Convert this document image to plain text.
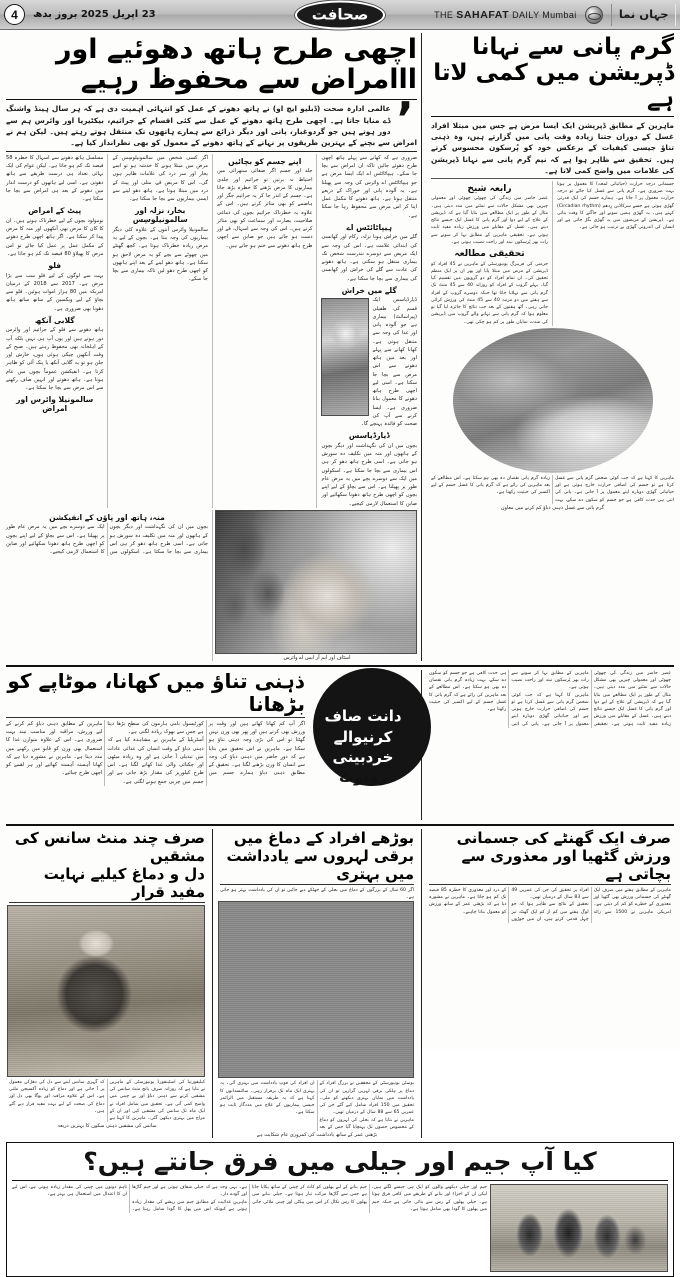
جہاں نما
THE SAHAFAT DAILY Mumbai
صحافت
23 اپریل 2025 بروز بدھ
4
گرم پانی سے نہانا ڈپریشن میں کمی لاتا ہے
ماہرین کے مطابق ڈپریشن ایک ایسا مرض ہے جس میں مبتلا افراد غسل کے دوران جتنا زیادہ وقت پانی میں گزارتے ہیں، وہ ذہنی تناؤ جیسی کیفیات کے برعکس خود کو پُرسکون محسوس کرتے ہیں۔ تحقیق سے ظاہر ہوا ہے کہ نیم گرم پانی سے نہانا ڈپریشن کی علامات میں واضح کمی لاتا ہے۔
جسمانی درجہ حرارت (حیاتیاتی لمحہ) کا معمول پر ہونا بہت ضروری ہے۔ گرم پانی سے غسل کیا جائے تو درجہ حرارت معمول پر آ جاتا ہے۔ ہمارے جسم کی ایک قدرتی گھڑی ہوتی ہے جسے سرکاڈین رِدھم (Circadian rhythm) کہتے ہیں۔ یہ گھڑی ہمیں سونے اور جاگنے کا وقت بتاتی ہے۔ ڈپریشن کے مریضوں میں یہ گھڑی بگڑ جاتی ہے اور انسان کی اندرونی گھڑی بے ترتیب ہو جاتی ہے۔
رابعہ شیخ
عصر حاضر میں زندگی کی چھوٹی چھوٹی اور معمولی چیزیں بھی مشکل حالات سے نمٹنے میں مدد دیتی ہیں۔ مثال کے طور پر ایک مطالعے میں بتایا گیا ہے کہ ڈپریشن کے علاج کے لیے دوا اور گرم پانی کا غسل ایک جیسے نتائج دیتے ہیں۔ غسل کے مقابلے میں ورزش زیادہ مفید ثابت ہوتی ہے۔ تحقیقی ماہرین کے مطابق نہا کر سونے سے رات بھر پُرسکون نیند اور راحت نصیب ہوتی ہے۔
تحقیقی مطالعہ
جرمنی کی فریبرگ یونیورسٹی کے ماہرین نے 45 افراد کو ڈپریشن کے مرض میں مبتلا پایا اور پھر ان پر ایک منظم تحقیق کی۔ ان تمام افراد کو دو گروپوں میں تقسیم کیا گیا۔ پہلے گروپ کے افراد کو روزانہ 40 سے 45 منٹ تک گرم پانی سے نہلایا جاتا تھا جبکہ دوسرے گروپ کے افراد سے ہفتے میں دو مرتبہ 40 سے 45 منٹ کی ورزش کرائی جاتی رہی۔ آٹھ ہفتوں کے بعد جب نتائج کا جائزہ لیا گیا تو معلوم ہوا کہ گرم پانی سے نہانے والے گروپ میں ڈپریشن کی شدت نمایاں طور پر کم ہو چکی تھی۔
ماہرین کا کہنا ہے کہ جب کوئی شخص گرم پانی سے غسل کرتا ہے تو جسم کی اضافی حرارت خارج ہوتی ہے اور حیاتیاتی گھڑی دوبارہ اپنے معمول پر آ جاتی ہے۔ پانی کی اتنی ہی حدت کافی ہے جو جسم کو سکون دے سکے، بہت زیادہ گرم پانی نقصان دہ بھی ہو سکتا ہے۔ اس مطالعے کے بعد ماہرین کی رائے ہے کہ گرم پانی کا غسل جسم کے لیے اکسیر کی حیثیت رکھتا ہے۔
گرم پانی سے غسل ذہنی دباؤ کم کرنے میں معاون
اچھی طرح ہاتھ دھوئیے اور ااامراض سے محفوظ رہیے
’
عالمی ادارہ صحت (ڈبلیو ایچ او) نے ہاتھ دھونے کے عمل کو انتہائی اہمیت دی ہے کہ ہر سال ہینڈ واشنگ ڈے منایا جاتا ہے۔ اچھی طرح ہاتھ دھونے کے عمل سے کئی اقسام کے جراثیم، بیکٹیریا اور وائرس ہم سے دور ہوتے ہیں جو گردوغبار، پانی اور دیگر ذرائع سے ہمارے ہاتھوں تک منتقل ہوتے رہتے ہیں۔ لیکن ہم نے امراض سے بچنے کے بہترین طریقوں پر نہانے کے ہاتھ دھونے کے معمول کو بھی نظرانداز کیا ہے۔
ضروری ہے کہ کھانے سے پہلے ہاتھ اچھی طرح دھوئے جائیں تاکہ ان امراض سے بچا جا سکے۔ ہیپاٹائٹس اے ایک ایسا مرض ہے جو ہیپاٹائٹس اے وائرس کی وجہ سے پھیلتا ہے۔ یہ آلودہ پانی اور خوراک کے ذریعے منتقل ہوتا ہے۔ ہاتھ دھونے کا مکمل عمل اپنا کر اس مرض سے محفوظ رہا جا سکتا ہے۔
ہیپاٹائٹس اے
گلے میں خراش ہونا نزلہ، زکام اور کھانسی کی ابتدائی علامت ہے۔ اس کی وجہ سے ایک مریض سے دوسرے تندرست شخص تک بیماری منتقل ہو سکتی ہے۔ ہاتھ دھونے کی عادت سے گلے کی خراش اور کھانسی کی بیماری سے بچا جا سکتا ہے۔
گلے میں خراش
ڈیارڈیاسس ایک قسم کی طفیلی (پیراسائٹ) بیماری ہے جو آلودہ پانی اور غذا کی وجہ سے منتقل ہوتی ہے۔ کھانا کھانے سے پہلے اور بعد میں ہاتھ دھونے سے اس مرض سے بچا جا سکتا ہے۔ اسی لیے اچھی طرح ہاتھ دھونے کا معمول بنانا ضروری ہے۔ ایسا کرنے سے آپ کی صحت کو فائدہ پہنچے گا۔
ڈیارڈیاسس
بچوں میں ان کی نگہداشت اور دیگر بچوں کے ہاتھوں اور منہ میں تکلیف دہ سوزش ہو جاتی ہے۔ اسی طرح ہاتھ دھو کر ہی اس بیماری سے بچا جا سکتا ہے۔ اسکولوں میں ایک سے دوسرے بچے میں یہ مرض عام طور پر پھیلتا ہے۔ اس سے بچاؤ کے لیے اپنے بچوں کو اچھی طرح ہاتھ دھونا سکھائیے اور صابن کا استعمال لازمی کیجیے۔
اپنے جسم کو بچائیں
جلد اور جسم اگر صفائی ستھرائی میں احتیاط نہ برتیں تو جراثیم اور جلدی بیماریوں کا مرض بڑھنے کا خطرہ بڑھ جاتا ہے۔ جسم کے اندر جا کر یہ جراثیم جگر اور ہاضمے کو بھی متاثر کرتے ہیں۔ اس کے علاوہ یہ خطرناک جراثیم بچوں کی دماغی صلاحیت، بصارت اور سماعت کو بھی متاثر کرتے ہیں۔ اس کی وجہ سے اسہال، قے اور دست ہو جاتے ہیں جو صابن سے اچھی طرح ہاتھ دھونے سے ختم ہو جاتے ہیں۔
اگر کسی شخص میں سالمونیلوسِس کے مرض میں مبتلا ہونے کا خدشہ ہو تو اسے بخار اور سر درد کی علامات ظاہر ہوں گی۔ اس کا مریض قے، متلی اور پیٹ کے درد میں مبتلا ہوتا ہے۔ ہاتھ دھو لینے سے ایسی بیماریوں سے بچا جا سکتا ہے۔
بخار، نزلہ اور سالمونیلوسِس
سالمونیلا وائرس آنتوں کے علاوہ کئی دیگر بیماریوں کی وجہ بنتا ہے۔ بچوں کے لیے یہ مرض زیادہ خطرناک ہوتا ہے۔ کچھ گھنٹے میں چھوٹے سے بچے کو یہ مرض لاحق ہو سکتا ہے۔ ہاتھ دھو لینے کے بعد اپنے ہاتھوں کو اچھی طرح دھو لیں تاکہ بیماری سے بچا جا سکے۔
مسلسل ہاتھ دھونے سے اسہال کا خطرہ 58 فیصد تک کم ہو جاتا ہے۔ لیکن عوام کی ایک تہائی تعداد ہی درست طریقے سے ہاتھ دھوتی ہے۔ اسی لیے ہاتھوں کو درست انداز میں دھونے کے بعد ہی امراض سے بچا جا سکتا ہے۔
پیٹ کے امراض
نومولود بچوں کے لیے خطرناک ہوتے ہیں۔ ان کا کان کا مرض بھی آنکھوں اور منہ کا مرض پیدا کر سکتا ہے۔ اگر ہاتھ اچھی طرح دھونے کے مکمل عمل پر عمل کیا جائے تو اس مرض کا پھیلاؤ 80 فیصد تک کم ہو جاتا ہے۔
فلو
بہت سے لوگوں کے لیے فلو سب سے بڑا مرض ہے۔ 2017 سے 2018 کے درمیان امریکہ میں 80 ہزار اموات ہوئیں۔ فلو سے بچاؤ کے لیے ویکسین کے ساتھ ساتھ ہاتھ دھونا بھی ضروری ہے۔
گلابی آنکھ
ہاتھ دھونے سے فلو کے جراثیم اور وائرس دور ہوتے ہیں اور یوں آپ ہی نہیں بلکہ آپ کے اہلخانہ بھی محفوظ رہتے ہیں۔ صبح کے وقت آنکھیں چپکی ہوئی ہوں، خارش اور جلن ہو تو یہ گلابی آنکھ یا پنک آئی کو ظاہر کرتا ہے۔ انفیکشن عموماً بچوں میں عام ہوتا ہے۔ ہاتھ دھونے اور انہیں صاف رکھنے سے اس مرض سے بچا جا سکتا ہے۔
سالمونیلا وائرس اور امراض
اسٹاف اور ایم آر ایس اے وائرس
منہ، ہاتھ اور پاؤں کے انفیکشن
بچوں میں ان کی نگہداشت اور دیگر بچوں کے ہاتھوں اور منہ میں تکلیف دہ سوزش ہو جاتی ہے۔ اسی طرح ہاتھ دھو کر ہی اس بیماری سے بچا جا سکتا ہے۔ اسکولوں میں ایک سے دوسرے بچے میں یہ مرض عام طور پر پھیلتا ہے۔ اس سے بچاؤ کے لیے اپنے بچوں کو اچھی طرح ہاتھ دھونا سکھائیے اور صابن کا استعمال لازمی کیجیے۔
عصر حاضر میں زندگی کی چھوٹی چھوٹی اور معمولی چیزیں بھی مشکل حالات سے نمٹنے میں مدد دیتی ہیں۔ مثال کے طور پر ایک مطالعے میں بتایا گیا ہے کہ ڈپریشن کے علاج کے لیے دوا اور گرم پانی کا غسل ایک جیسے نتائج دیتے ہیں۔ غسل کے مقابلے میں ورزش زیادہ مفید ثابت ہوتی ہے۔ تحقیقی ماہرین کے مطابق نہا کر سونے سے رات بھر پُرسکون نیند اور راحت نصیب ہوتی ہے۔
ماہرین کا کہنا ہے کہ جب کوئی شخص گرم پانی سے غسل کرتا ہے تو جسم کی اضافی حرارت خارج ہوتی ہے اور حیاتیاتی گھڑی دوبارہ اپنے معمول پر آ جاتی ہے۔ پانی کی اتنی ہی حدت کافی ہے جو جسم کو سکون دے سکے، بہت زیادہ گرم پانی نقصان دہ بھی ہو سکتا ہے۔ اس مطالعے کے بعد ماہرین کی رائے ہے کہ گرم پانی کا غسل جسم کے لیے اکسیر کی حیثیت رکھتا ہے۔
دانت صاف
کرنیوالے
خردبینی
روبوٹ
ذہنی تناؤ میں کھانا، موٹاپے کو بڑھانا
اگر آپ کم کھانا کھاتے ہیں اور وقت پر ورزش بھی کرتے ہیں اور پھر بھی وزن نہیں گھٹتا تو اس کی بڑی وجہ ذہنی تناؤ ہو سکتا ہے۔ ماہرین نے اس تحقیق میں بتایا ہے کہ دورِ حاضر میں ذہنی دباؤ کی وجہ سے انسان کا وزن بڑھنے لگتا ہے۔ تحقیق کے مطابق ذہنی دباؤ ہمارے جسم میں کورٹیسول نامی ہارمون کی سطح بڑھا دیتا ہے جس سے بھوک زیادہ لگتی ہے۔
آسٹریلیا کے ماہرین نے مشاہدہ کیا ہے کہ ذہنی دباؤ کے وقت انسان کی غذائی عادات میں تبدیلی آ جاتی ہے اور وہ زیادہ میٹھی اور چکنائی والی غذا کھانے لگتا ہے۔ اس طرح کیلوریز کی مقدار بڑھ جاتی ہے اور جسم میں چربی جمع ہونے لگتی ہے۔
ماہرین کے مطابق ذہنی دباؤ کم کرنے کے لیے ورزش، مراقبہ اور مناسب نیند بہت ضروری ہے۔ اس کے علاوہ متوازن غذا کا استعمال بھی وزن کو قابو میں رکھنے میں مدد دیتا ہے۔ ماہرین نے مشورہ دیا ہے کہ کھانا آہستہ آہستہ کھائیے اور ہر لقمے کو اچھی طرح چبائیے۔
صرف ایک گھنٹے کی جسمانی ورزش گٹھیا اور معذوری سے بچاتی ہے
ماہرین کے مطابق ہفتے میں صرف ایک گھنٹے کی جسمانی ورزش بھی گٹھیا اور معذوری کے خطرے کو کم کر دیتی ہے۔ امریکی ماہرین نے 1500 سے زائد افراد پر تحقیق کی جن کی عمریں 49 سے 83 سال کے درمیان تھیں۔
تحقیق کے نتائج سے ظاہر ہوا کہ جو لوگ ہفتے میں کم از کم ایک گھنٹہ تیز چہل قدمی کرتے ہیں، ان میں جوڑوں کے درد اور معذوری کا خطرہ 85 فیصد تک کم ہو جاتا ہے۔ ماہرین نے مشورہ دیا ہے کہ بڑھتی عمر کے ساتھ ورزش کو معمول بنانا چاہیے۔
بوڑھے افراد کے دماغ میں برقی لہروں سے یادداشت میں بہتری
اگر 60 سال کے بزرگوں کے دماغ میں بجلی کے جھٹکے دیے جائیں تو ان کی یادداشت بہتر ہو جاتی ہے۔
بوسٹن یونیورسٹی کے محققین نے بزرگ افراد کے دماغ پر ہلکی برقی لہریں گزاریں تو ان کی یادداشت میں نمایاں بہتری دیکھنے کو ملی۔ تحقیق میں 150 افراد شامل کیے گئے جن کی عمریں 65 سے 88 سال کے درمیان تھیں۔
ماہرین نے بتایا ہے کہ بجلی کی لہروں کو دماغ کے مخصوص حصوں تک پہنچایا گیا جس کے بعد ان افراد کی قوتِ یادداشت میں بہتری آئی۔ یہ بہتری ایک ماہ تک برقرار رہی۔ سائنسدانوں کا کہنا ہے کہ یہ طریقہ مستقبل میں الزائمر جیسی بیماریوں کے علاج میں مددگار ثابت ہو سکتا ہے۔
بڑھتی عمر کے ساتھ یادداشت کی کمزوری عام شکایت ہے
صرف چند منٹ سانس کی مشقیں
دل و دماغ کیلیے نہایت مفید قرار
کیلیفورنیا کی اسٹینفورڈ یونیورسٹی کے ماہرین نے بتایا ہے کہ روزانہ صرف پانچ منٹ سانس کی مشقیں کرنے سے ذہنی دباؤ اور بے چینی میں واضح کمی آتی ہے۔ تحقیق میں شامل افراد نے ایک ماہ تک سانس کی مشقیں کیں اور ان کے مزاج میں بہتری دیکھی گئی۔ ماہرین کا کہنا ہے کہ گہری سانس لینے سے دل کی دھڑکن معمول پر آ جاتی ہے اور دماغ کو زیادہ آکسیجن ملتی ہے۔ اس کے علاوہ مراقبہ اور یوگا بھی دل اور دماغ کی صحت کے لیے بہت مفید قرار دیے گئے ہیں۔
سانس کی مشقیں ذہنی سکون کا بہترین ذریعہ
کیا آپ جیم اور جیلی میں فرق جانتے ہیں؟
جیم اور جیلی دیکھنے والوں کو ایک ہی جیسے لگتے ہیں، لیکن ان کے اجزاء اور بنانے کے طریقے میں کافی فرق ہوتا ہے۔ جیلی پھلوں کے رس سے بنائی جاتی ہے جبکہ جیم میں پھلوں کا گودا بھی شامل ہوتا ہے۔
جیم بنانے کے لیے پھلوں کو کاٹ کر چینی کے ساتھ پکایا جاتا ہے جس سے گاڑھا مرکب تیار ہوتا ہے۔ جیلی بنانے میں پھلوں کا رس نکال کر اس میں پیکٹن اور چینی ملائی جاتی ہے۔ یہی وجہ ہے کہ جیلی شفاف ہوتی ہے اور جیم گاڑھا اور گودے دار۔
ماہرینِ غذائیت کے مطابق جیم میں ریشے کی مقدار زیادہ ہوتی ہے کیونکہ اس میں پھل کا گودا شامل رہتا ہے۔ تاہم دونوں میں چینی کی مقدار زیادہ ہوتی ہے، اس لیے ان کا اعتدال میں استعمال ہی بہتر ہے۔
